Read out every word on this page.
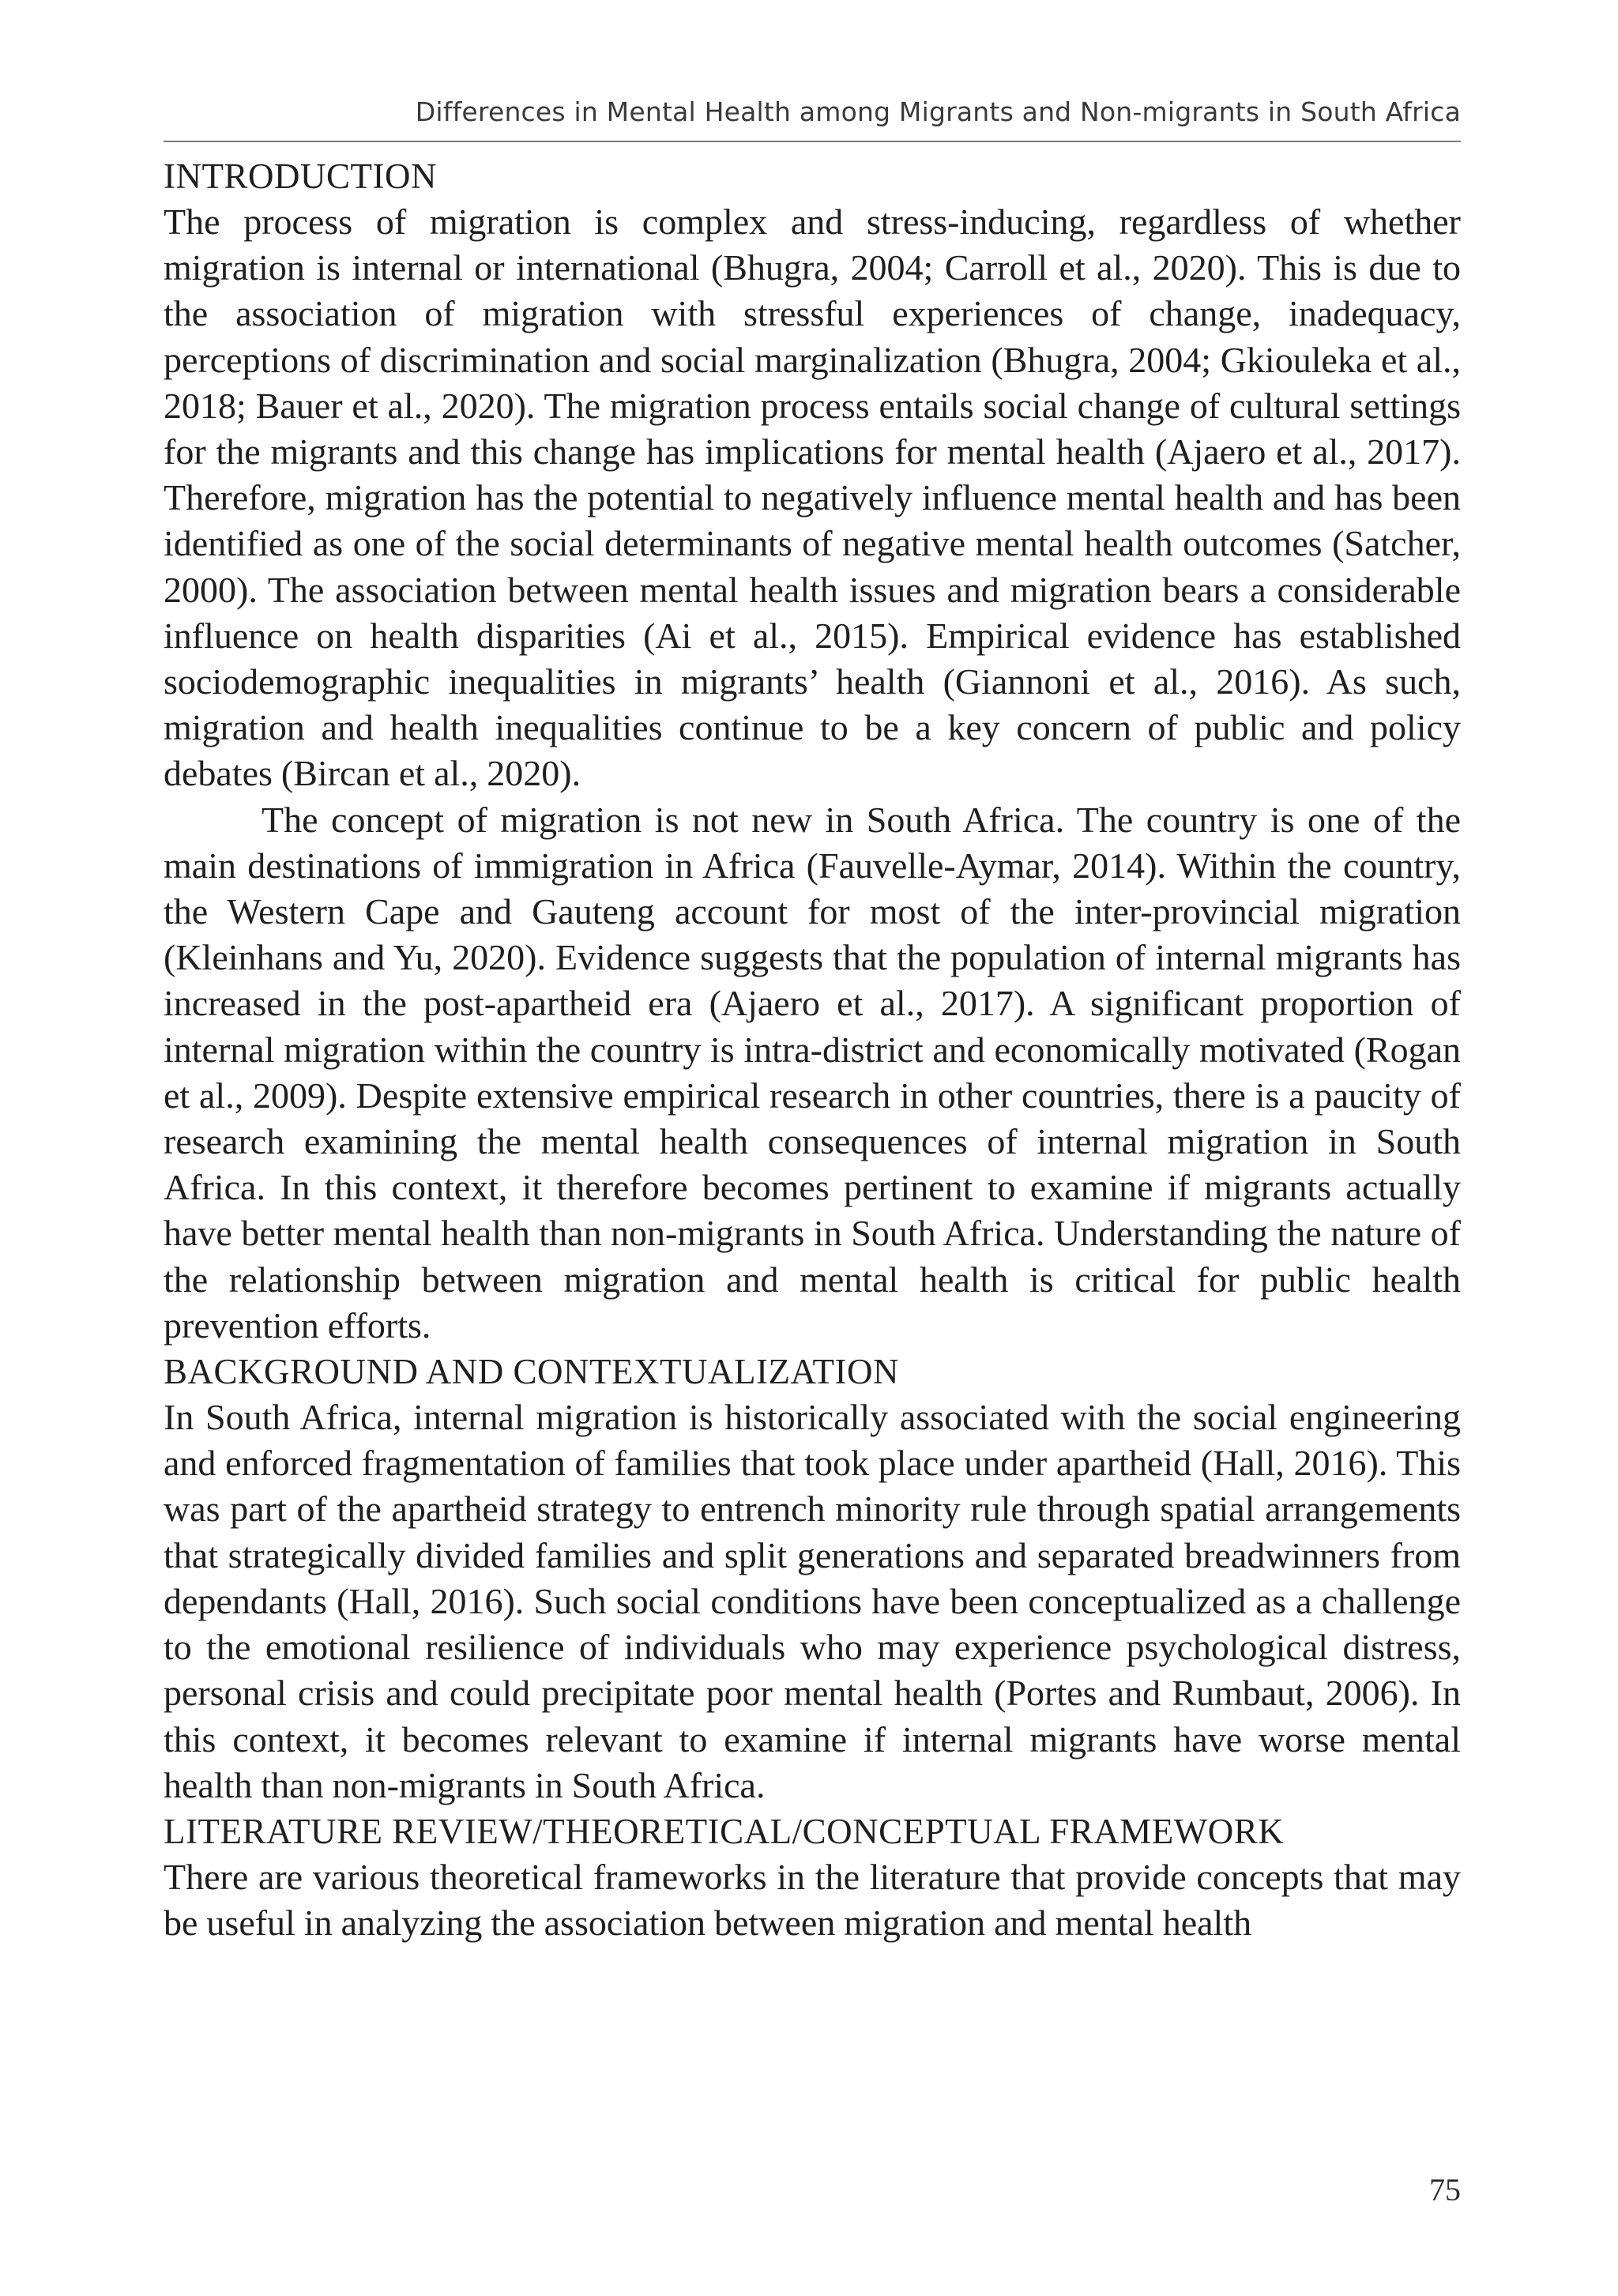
Differences in Mental Health among Migrants and Non-migrants in South Africa
INTRODUCTION

The process of migration is complex and stress-inducing, regardless of whether migration is internal or international (Bhugra, 2004; Carroll et al., 2020). This is due to the association of migration with stressful experiences of change, inadequacy, perceptions of discrimination and social marginalization (Bhugra, 2004; Gkiouleka et al., 2018; Bauer et al., 2020). The migration process entails social change of cultural settings for the migrants and this change has implications for mental health (Ajaero et al., 2017). Therefore, migration has the potential to negatively influence mental health and has been identified as one of the social determinants of negative mental health outcomes (Satcher, 2000). The association between mental health issues and migration bears a considerable influence on health disparities (Ai et al., 2015). Empirical evidence has established sociodemographic inequalities in migrants’ health (Giannoni et al., 2016). As such, migration and health inequalities continue to be a key concern of public and policy debates (Bircan et al., 2020).

The concept of migration is not new in South Africa. The country is one of the main destinations of immigration in Africa (Fauvelle-Aymar, 2014). Within the country, the Western Cape and Gauteng account for most of the inter-provincial migration (Kleinhans and Yu, 2020). Evidence suggests that the population of internal migrants has increased in the post-apartheid era (Ajaero et al., 2017). A significant proportion of internal migration within the country is intra-district and economically motivated (Rogan et al., 2009). Despite extensive empirical research in other countries, there is a paucity of research examining the mental health consequences of internal migration in South Africa. In this context, it therefore becomes pertinent to examine if migrants actually have better mental health than non-migrants in South Africa. Understanding the nature of the relationship between migration and mental health is critical for public health prevention efforts.

BACKGROUND AND CONTEXTUALIZATION

In South Africa, internal migration is historically associated with the social engineering and enforced fragmentation of families that took place under apartheid (Hall, 2016). This was part of the apartheid strategy to entrench minority rule through spatial arrangements that strategically divided families and split generations and separated breadwinners from dependants (Hall, 2016). Such social conditions have been conceptualized as a challenge to the emotional resilience of individuals who may experience psychological distress, personal crisis and could precipitate poor mental health (Portes and Rumbaut, 2006). In this context, it becomes relevant to examine if internal migrants have worse mental health than non-migrants in South Africa.

LITERATURE REVIEW/THEORETICAL/CONCEPTUAL FRAMEWORK

There are various theoretical frameworks in the literature that provide concepts that may be useful in analyzing the association between migration and mental health

75
